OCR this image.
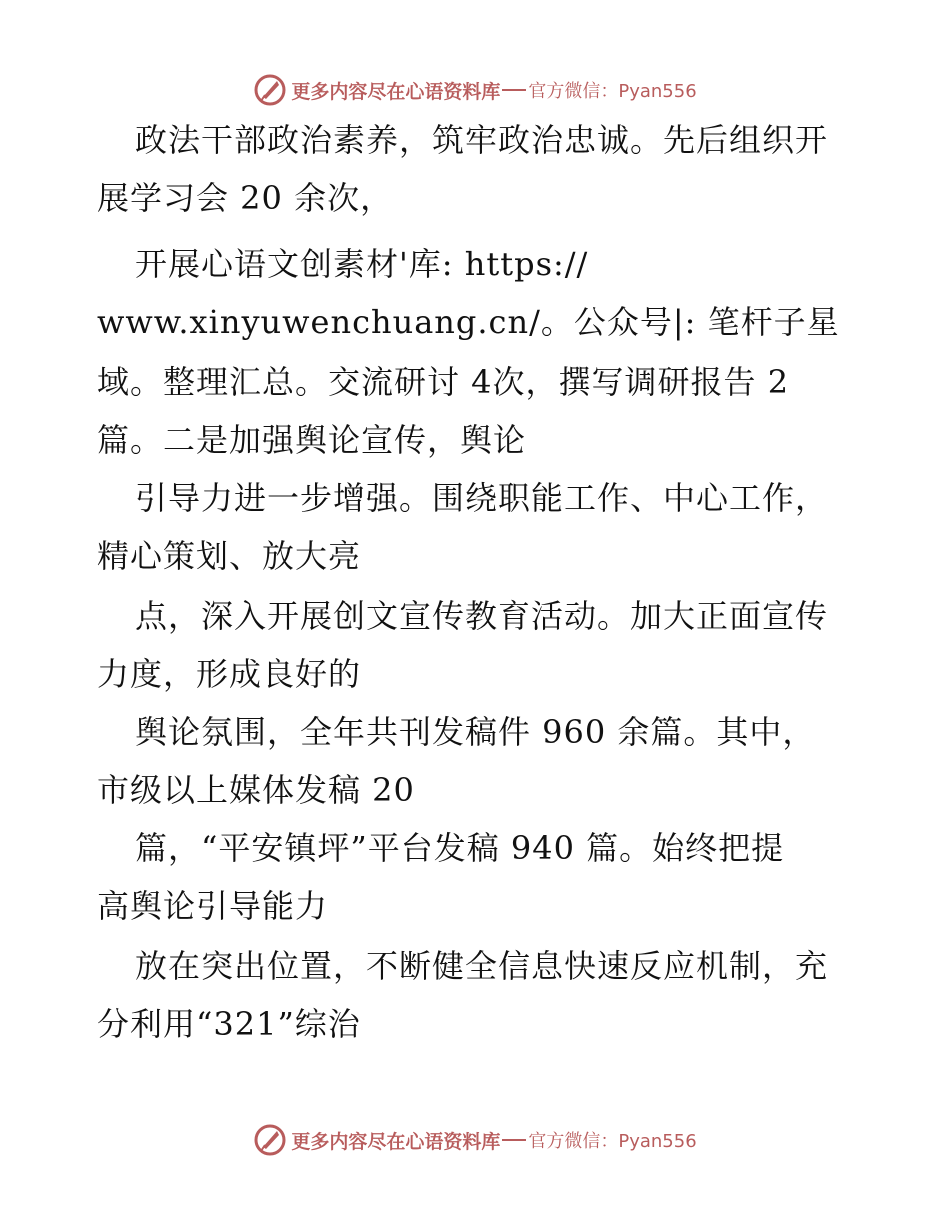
更多内容尽在心语资料库 官方微信：Pyan556
政法干部政治素养，筑牢政治忠诚。先后组织开
展学习会 20 余次，
开展心语文创素材'库: https://
www.xinyuwenchuang.cn/。公众号|: 笔杆子星
域。整理汇总。交流研讨 4次，撰写调研报告 2
篇。二是加强舆论宣传，舆论
引导力进一步增强。围绕职能工作、中心工作，
精心策划、放大亮
点，深入开展创文宣传教育活动。加大正面宣传
力度，形成良好的
舆论氛围，全年共刊发稿件 960 余篇。其中，
市级以上媒体发稿 20
篇，“平安镇坪”平台发稿 940 篇。始终把提
高舆论引导能力
放在突出位置，不断健全信息快速反应机制，充
分利用“321”综治
更多内容尽在心语资料库 官方微信：Pyan556
